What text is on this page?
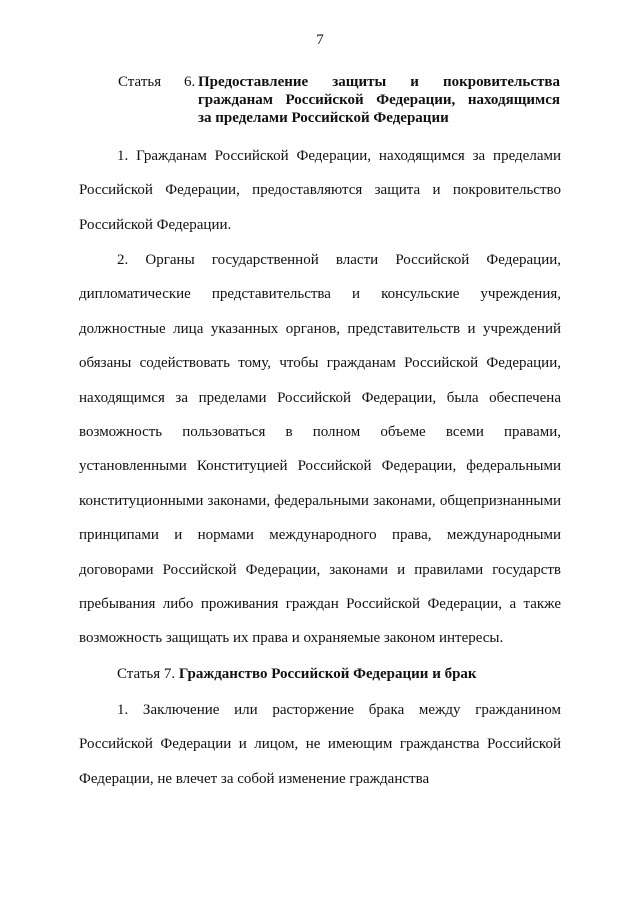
7
Статья 6. Предоставление защиты и покровительства
гражданам Российской Федерации, находящимся
за пределами Российской Федерации

1. Гражданам Российской Федерации, находящимся за пределами Российской Федерации, предоставляются защита и покровительство Российской Федерации.

2. Органы государственной власти Российской Федерации, дипломатические представительства и консульские учреждения, должностные лица указанных органов, представительств и учреждений обязаны содействовать тому, чтобы гражданам Российской Федерации, находящимся за пределами Российской Федерации, была обеспечена возможность пользоваться в полном объеме всеми правами, установленными Конституцией Российской Федерации, федеральными конституционными законами, федеральными законами, общепризнанными принципами и нормами международного права, международными договорами Российской Федерации, законами и правилами государств пребывания либо проживания граждан Российской Федерации, а также возможность защищать их права и охраняемые законом интересы.

Статья 7. Гражданство Российской Федерации и брак

1. Заключение или расторжение брака между гражданином Российской Федерации и лицом, не имеющим гражданства Российской Федерации, не влечет за собой изменение гражданства
